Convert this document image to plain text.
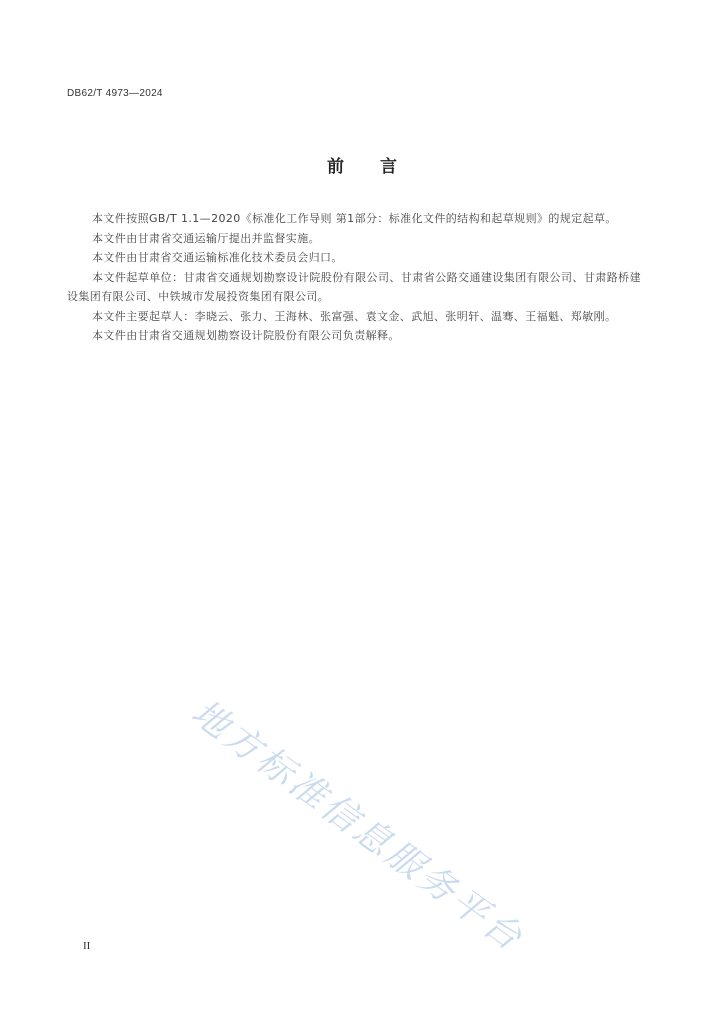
DB62/T 4973—2024
前言

本文件按照GB/T 1.1—2020《标准化工作导则 第1部分：标准化文件的结构和起草规则》的规定起草。

本文件由甘肃省交通运输厅提出并监督实施。

本文件由甘肃省交通运输标准化技术委员会归口。

本文件起草单位：甘肃省交通规划勘察设计院股份有限公司、甘肃省公路交通建设集团有限公司、甘肃路桥建设集团有限公司、中铁城市发展投资集团有限公司。

本文件主要起草人：李晓云、张力、王海林、张富强、袁文金、武旭、张明轩、温骞、王福魁、郑敏刚。

本文件由甘肃省交通规划勘察设计院股份有限公司负责解释。

地方标准信息服务平台
II
